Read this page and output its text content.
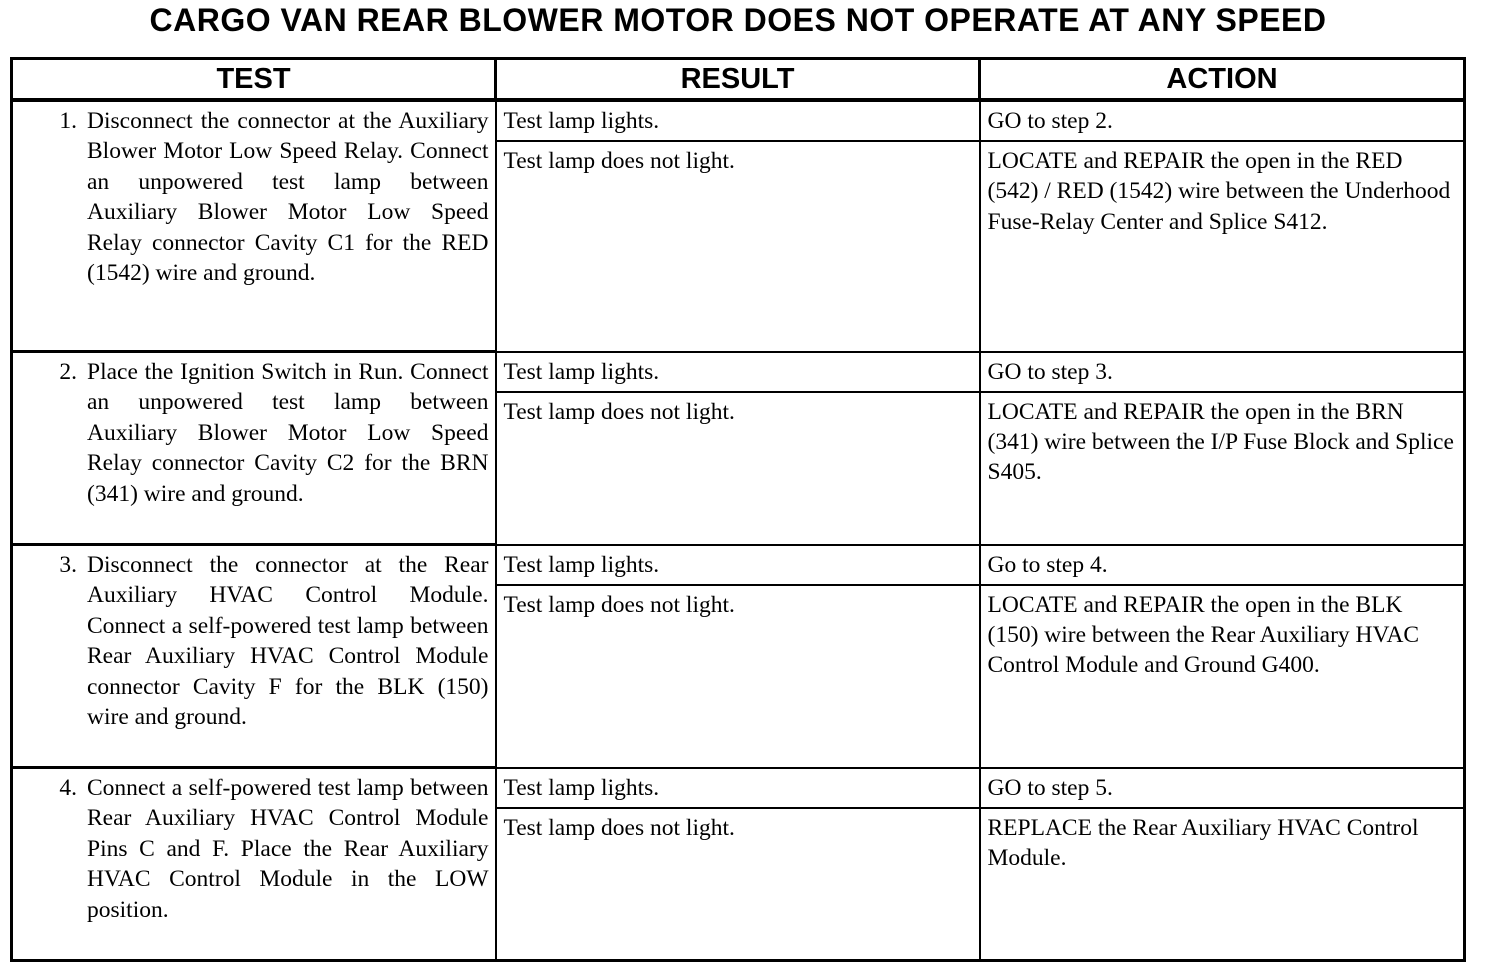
CARGO VAN REAR BLOWER MOTOR DOES NOT OPERATE AT ANY SPEED
TEST	RESULT	ACTION

1. Disconnect the connector at the Auxiliary Blower Motor Low Speed Relay. Connect an unpowered test lamp between Auxiliary Blower Motor Low Speed Relay connector Cavity C1 for the RED (1542) wire and ground.	Test lamp lights.	GO to step 2.
	Test lamp does not light.	LOCATE and REPAIR the open in the RED (542) / RED (1542) wire between the Underhood Fuse-Relay Center and Splice S412.

2. Place the Ignition Switch in Run. Connect an unpowered test lamp between Auxiliary Blower Motor Low Speed Relay connector Cavity C2 for the BRN (341) wire and ground.	Test lamp lights.	GO to step 3.
	Test lamp does not light.	LOCATE and REPAIR the open in the BRN (341) wire between the I/P Fuse Block and Splice S405.

3. Disconnect the connector at the Rear Auxiliary HVAC Control Module. Connect a self-powered test lamp between Rear Auxiliary HVAC Control Module connector Cavity F for the BLK (150) wire and ground.	Test lamp lights.	Go to step 4.
	Test lamp does not light.	LOCATE and REPAIR the open in the BLK (150) wire between the Rear Auxiliary HVAC Control Module and Ground G400.

4. Connect a self-powered test lamp between Rear Auxiliary HVAC Control Module Pins C and F. Place the Rear Auxiliary HVAC Control Module in the LOW position.	Test lamp lights.	GO to step 5.
	Test lamp does not light.	REPLACE the Rear Auxiliary HVAC Control Module.
